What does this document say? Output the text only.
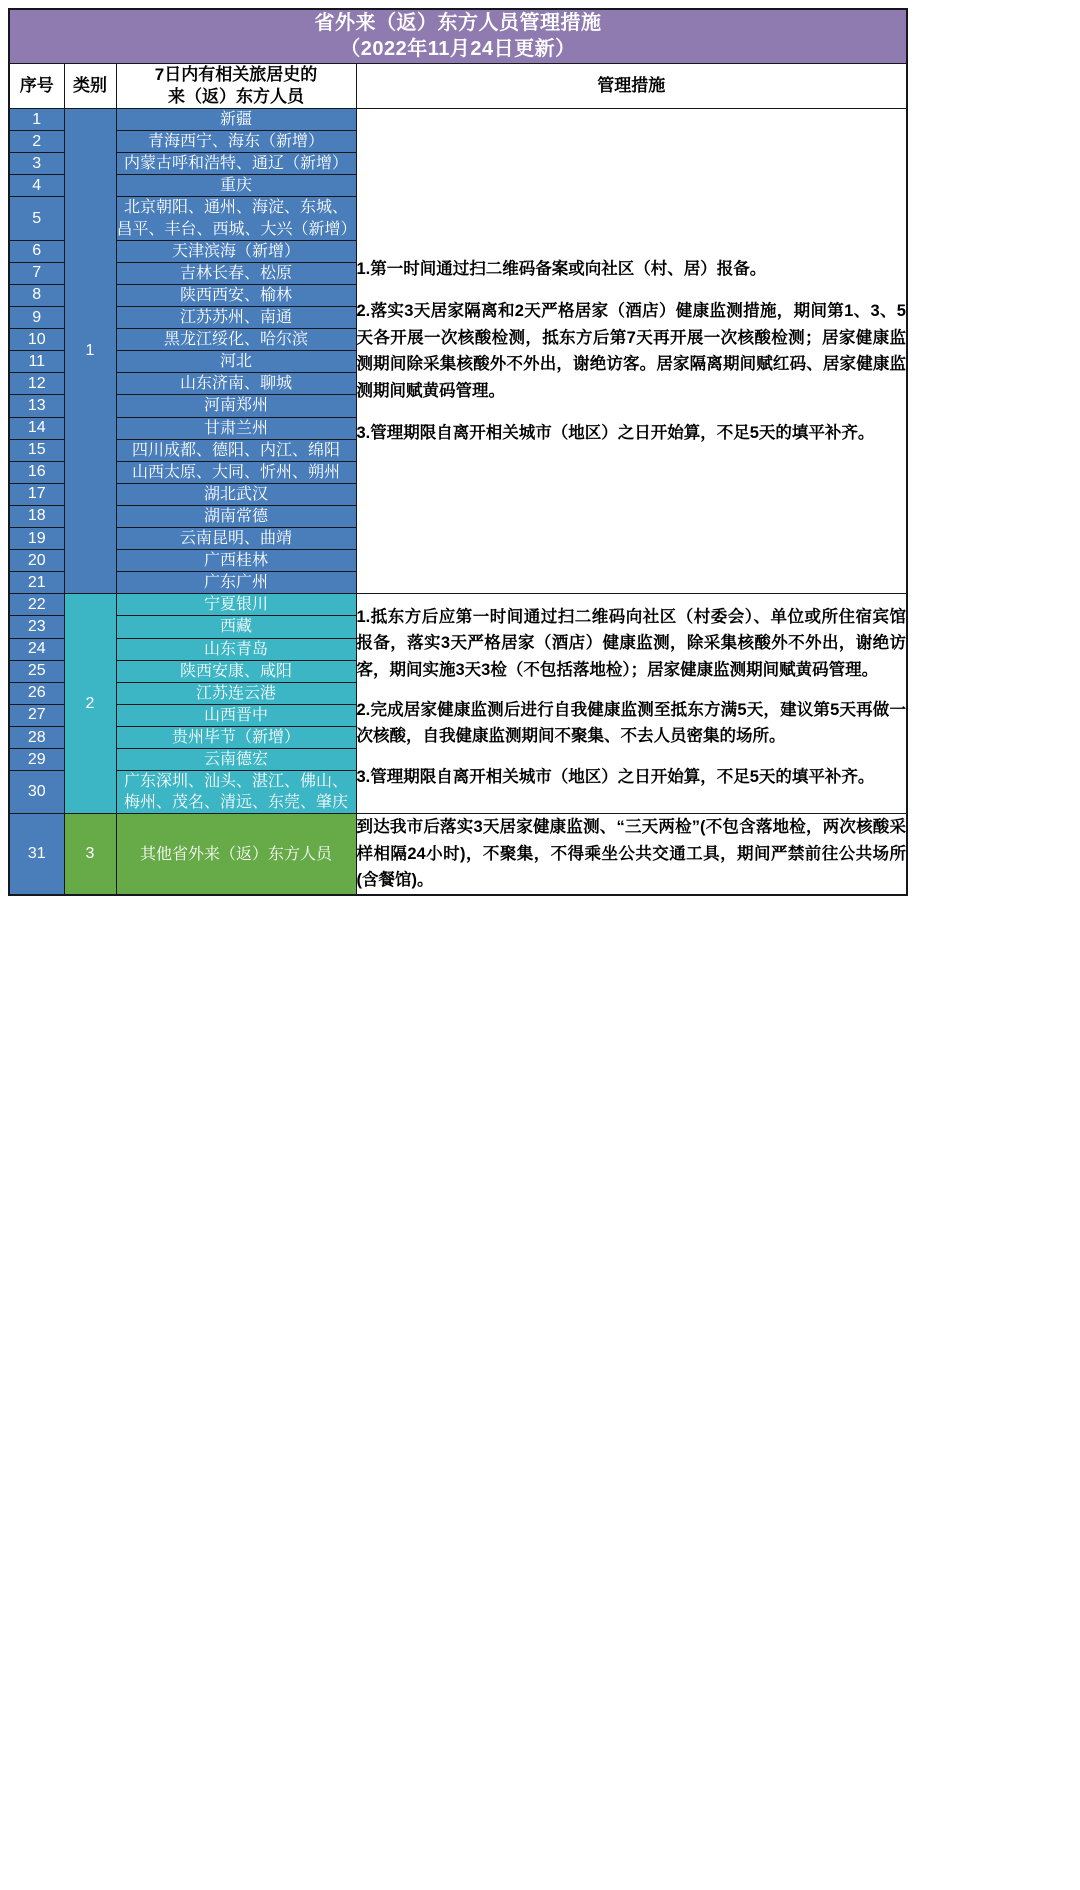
省外来（返）东方人员管理措施
（2022年11月24日更新）			

序号	类别	7日内有相关旅居史的
来（返）东方人员	管理措施
1	1	新疆	1.第一时间通过扫二维码备案或向社区（村、居）报备。

2.落实3天居家隔离和2天严格居家（酒店）健康监测措施，期间第1、3、5天各开展一次核酸检测，抵东方后第7天再开展一次核酸检测；居家健康监测期间除采集核酸外不外出，谢绝访客。居家隔离期间赋红码、居家健康监测期间赋黄码管理。

3.管理期限自离开相关城市（地区）之日开始算，不足5天的填平补齐。

2		青海西宁、海东（新增）	
3		内蒙古呼和浩特、通辽（新增）	
4		重庆	
5		北京朝阳、通州、海淀、东城、昌平、丰台、西城、大兴（新增）	
6		天津滨海（新增）	
7		吉林长春、松原	
8		陕西西安、榆林	
9		江苏苏州、南通	
10		黑龙江绥化、哈尔滨	
11		河北	
12		山东济南、聊城	
13		河南郑州	
14		甘肃兰州	
15		四川成都、德阳、内江、绵阳	
16		山西太原、大同、忻州、朔州	
17		湖北武汉	
18		湖南常德	
19		云南昆明、曲靖	
20		广西桂林	
21		广东广州	
22	2	宁夏银川	1.抵东方后应第一时间通过扫二维码向社区（村委会）、单位或所住宿宾馆报备，落实3天严格居家（酒店）健康监测，除采集核酸外不外出，谢绝访客，期间实施3天3检（不包括落地检）；居家健康监测期间赋黄码管理。

2.完成居家健康监测后进行自我健康监测至抵东方满5天，建议第5天再做一次核酸，自我健康监测期间不聚集、不去人员密集的场所。

3.管理期限自离开相关城市（地区）之日开始算，不足5天的填平补齐。

23		西藏	
24		山东青岛	
25		陕西安康、咸阳	
26		江苏连云港	
27		山西晋中	
28		贵州毕节（新增）	
29		云南德宏	
30		广东深圳、汕头、湛江、佛山、梅州、茂名、清远、东莞、肇庆	
31	3	其他省外来（返）东方人员	到达我市后落实3天居家健康监测、“三天两检”(不包含落地检，两次核酸采样相隔24小时)，不聚集，不得乘坐公共交通工具，期间严禁前往公共场所(含餐馆)。
